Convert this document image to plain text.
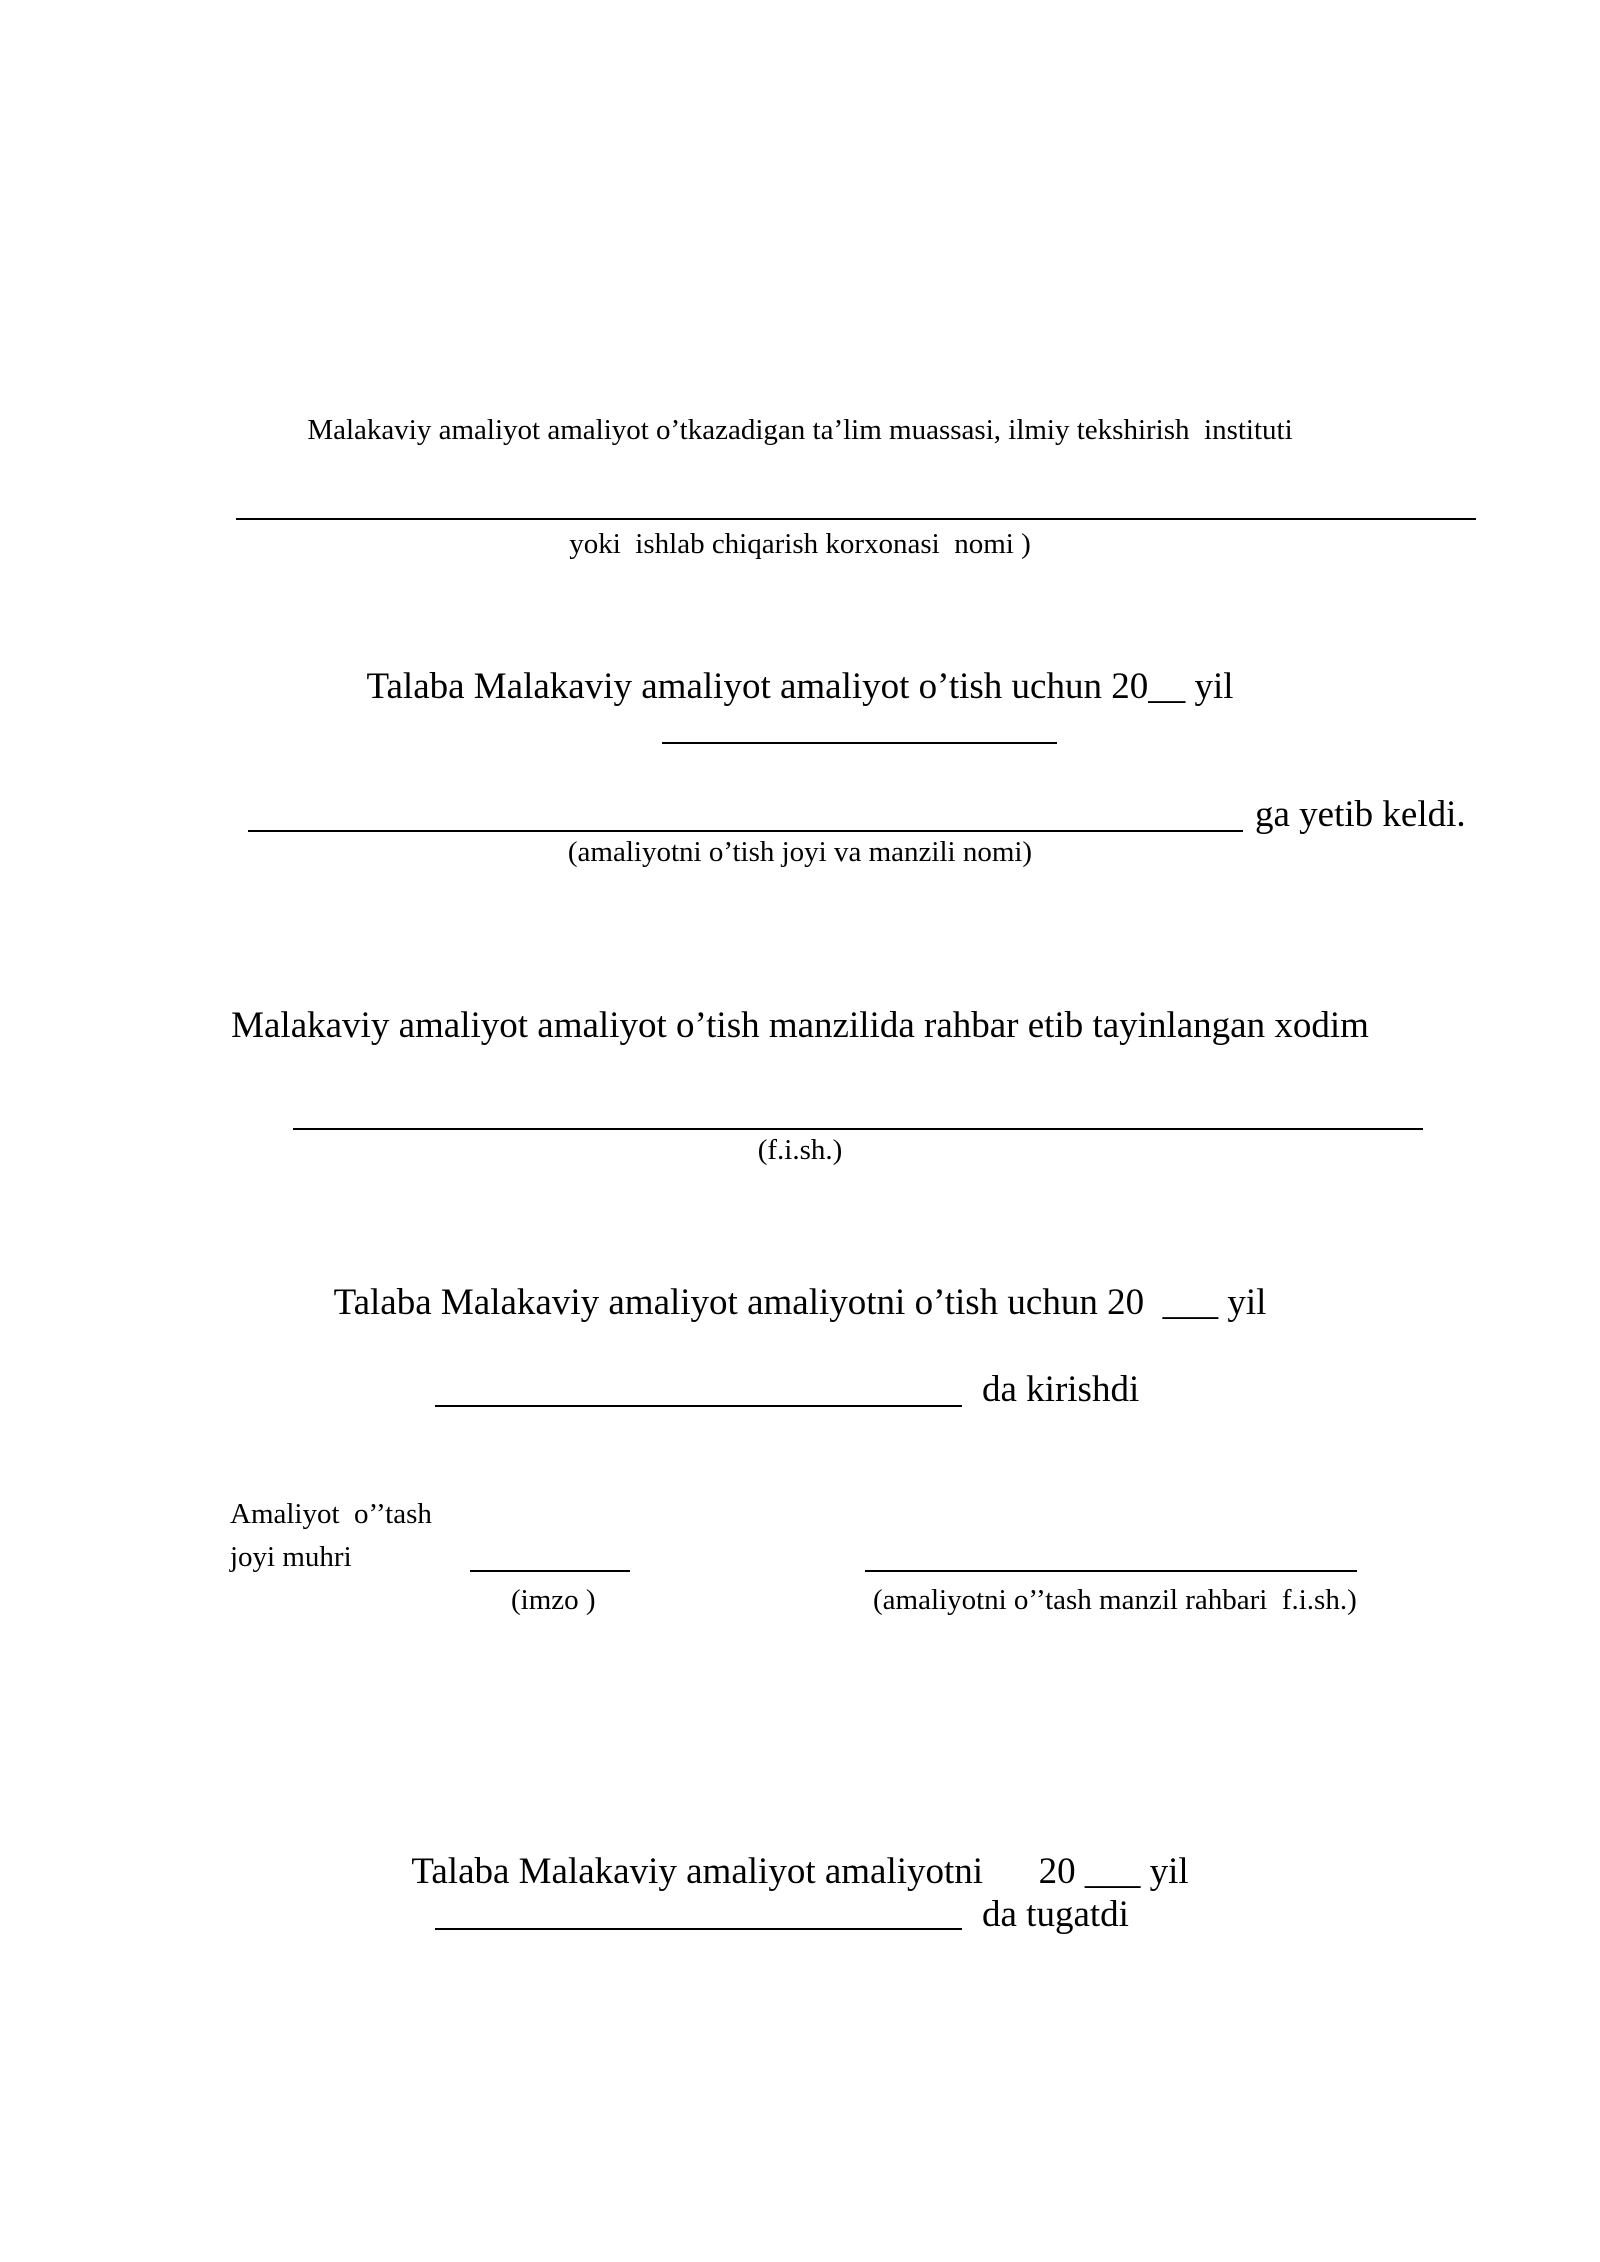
Malakaviy amaliyot amaliyot o’tkazadigan ta’lim muassasi, ilmiy tekshirish  instituti
yoki  ishlab chiqarish korxonasi  nomi )
Talaba Malakaviy amaliyot amaliyot o’tish uchun 20__ yil
ga yetib keldi.
(amaliyotni o’tish joyi va manzili nomi)
Malakaviy amaliyot amaliyot o’tish manzilida rahbar etib tayinlangan xodim
(f.i.sh.)
Talaba Malakaviy amaliyot amaliyotni o’tish uchun 20  ___ yil
da kirishdi
Amaliyot  o’’tash
joyi muhri
(imzo )	(amaliyotni o’’tash manzil rahbari  f.i.sh.)
Talaba Malakaviy amaliyot amaliyotni      20 ___ yil
da tugatdi
